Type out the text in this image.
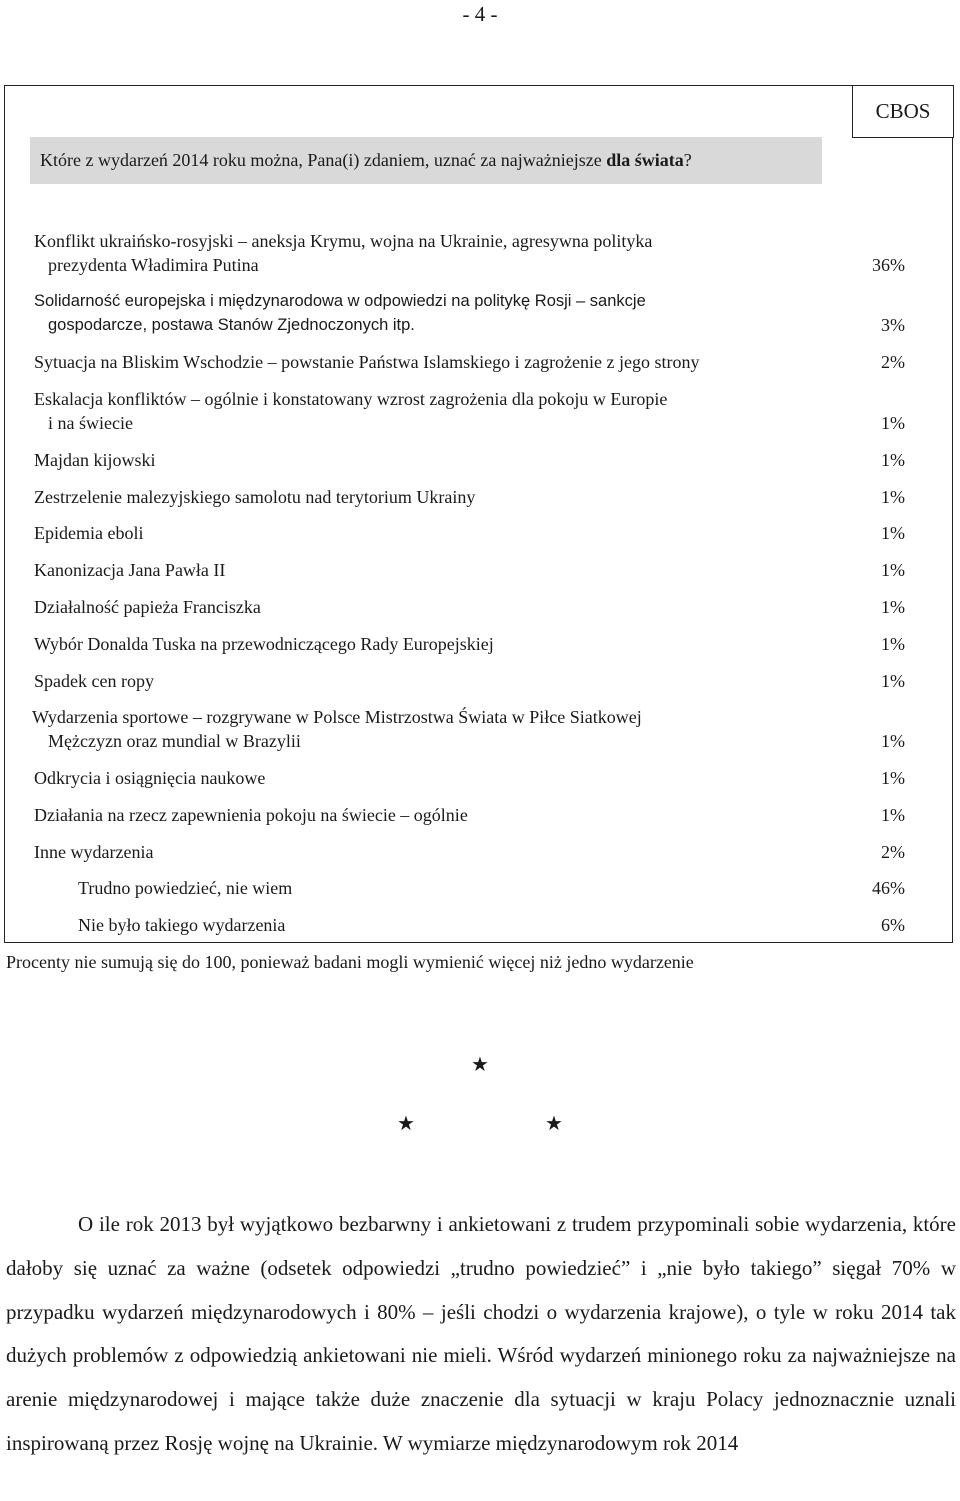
- 4 -
CBOS
Które z wydarzeń 2014 roku można, Pana(i) zdaniem, uznać za najważniejsze dla świata?
Konflikt ukraińsko-rosyjski – aneksja Krymu, wojna na Ukrainie, agresywna polityka
prezydenta Władimira Putina	36%
Solidarność europejska i międzynarodowa w odpowiedzi na politykę Rosji – sankcje
gospodarcze, postawa Stanów Zjednoczonych itp.	3%
Sytuacja na Bliskim Wschodzie – powstanie Państwa Islamskiego i zagrożenie z jego strony	2%
Eskalacja konfliktów – ogólnie i konstatowany wzrost zagrożenia dla pokoju w Europie
i na świecie	1%
Majdan kijowski	1%
Zestrzelenie malezyjskiego samolotu nad terytorium Ukrainy	1%
Epidemia eboli	1%
Kanonizacja Jana Pawła II	1%
Działalność papieża Franciszka	1%
Wybór Donalda Tuska na przewodniczącego Rady Europejskiej	1%
Spadek cen ropy	1%
Wydarzenia sportowe – rozgrywane w Polsce Mistrzostwa Świata w Piłce Siatkowej
Mężczyzn oraz mundial w Brazylii	1%
Odkrycia i osiągnięcia naukowe	1%
Działania na rzecz zapewnienia pokoju na świecie – ogólnie	1%
Inne wydarzenia	2%
Trudno powiedzieć, nie wiem	46%
Nie było takiego wydarzenia	6%
Procenty nie sumują się do 100, ponieważ badani mogli wymienić więcej niż jedno wydarzenie
★
★	★
O ile rok 2013 był wyjątkowo bezbarwny i ankietowani z trudem przypominali sobie wydarzenia, które dałoby się uznać za ważne (odsetek odpowiedzi „trudno powiedzieć” i „nie było takiego” sięgał 70% w przypadku wydarzeń międzynarodowych i 80% – jeśli chodzi o wydarzenia krajowe), o tyle w roku 2014 tak dużych problemów z odpowiedzią ankietowani nie mieli. Wśród wydarzeń minionego roku za najważniejsze na arenie międzynarodowej i mające także duże znaczenie dla sytuacji w kraju Polacy jednoznacznie uznali inspirowaną przez Rosję wojnę na Ukrainie. W wymiarze międzynarodowym rok 2014
